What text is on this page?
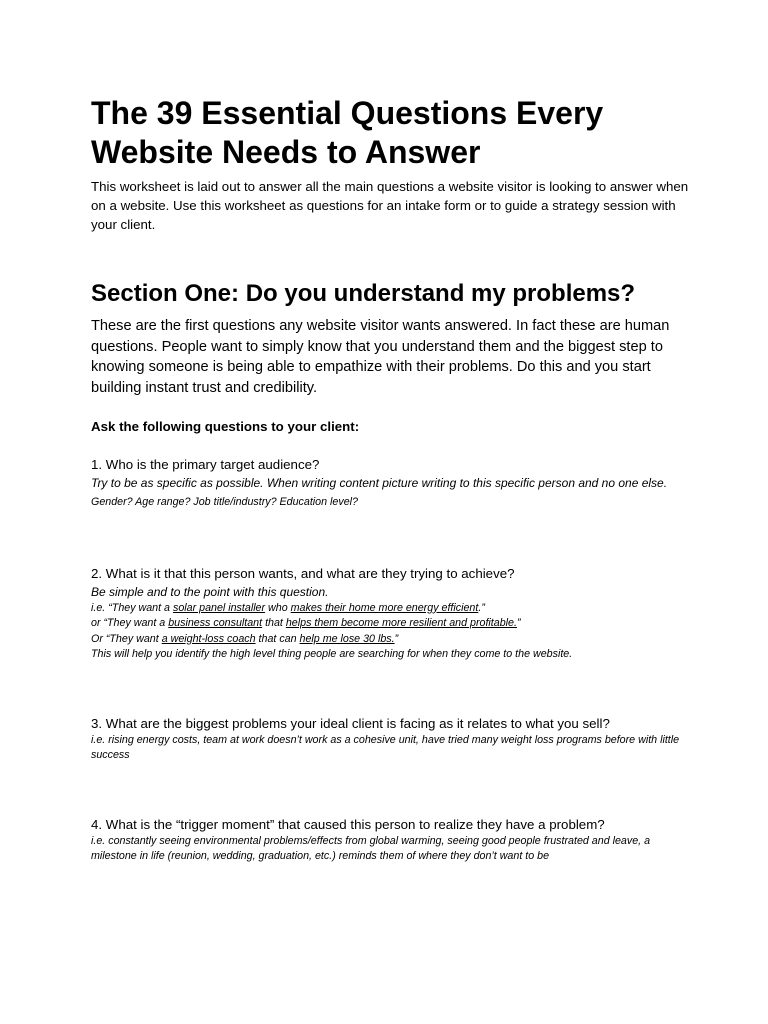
The 39 Essential Questions Every Website Needs to Answer

This worksheet is laid out to answer all the main questions a website visitor is looking to answer when on a website. Use this worksheet as questions for an intake form or to guide a strategy session with your client.

Section One: Do you understand my problems?

These are the first questions any website visitor wants answered. In fact these are human questions. People want to simply know that you understand them and the biggest step to knowing someone is being able to empathize with their problems. Do this and you start building instant trust and credibility.

Ask the following questions to your client:

1. Who is the primary target audience?
Try to be as specific as possible. When writing content picture writing to this specific person and no one else.Gender? Age range? Job title/industry? Education level?
2. What is it that this person wants, and what are they trying to achieve?
Be simple and to the point with this question.
i.e. “They want a solar panel installer who makes their home more energy efficient.”
or “They want a business consultant that helps them become more resilient and profitable.”
Or “They want a weight-loss coach that can help me lose 30 lbs.”
This will help you identify the high level thing people are searching for when they come to the website.
3. What are the biggest problems your ideal client is facing as it relates to what you sell?
i.e. rising energy costs, team at work doesn’t work as a cohesive unit, have tried many weight loss programs before with little success
4. What is the “trigger moment” that caused this person to realize they have a problem?
i.e. constantly seeing environmental problems/effects from global warming, seeing good people frustrated and leave, a milestone in life (reunion, wedding, graduation, etc.) reminds them of where they don’t want to be
